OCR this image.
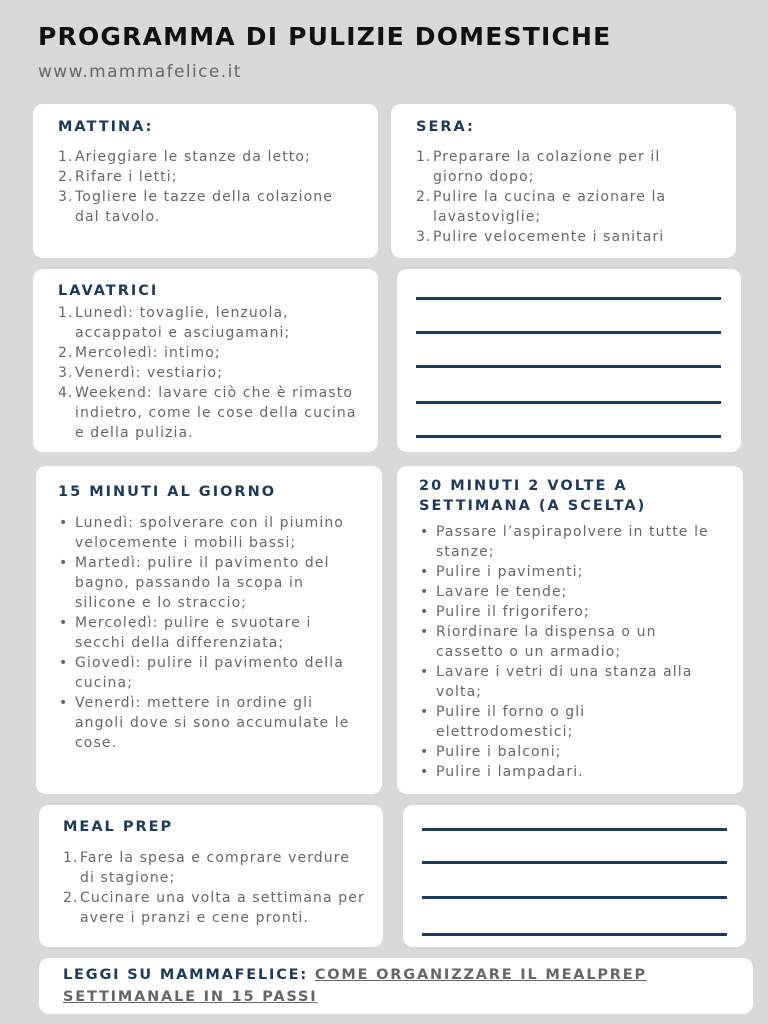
PROGRAMMA DI PULIZIE DOMESTICHE
www.mammafelice.it
MATTINA:
1. Arieggiare le stanze da letto;
2. Rifare i letti;
3. Togliere le tazze della colazione dal tavolo.
SERA:
1. Preparare la colazione per il giorno dopo;
2. Pulire la cucina e azionare la lavastoviglie;
3. Pulire velocemente i sanitari
LAVATRICI
1. Lunedì: tovaglie, lenzuola, accappatoi e asciugamani;
2. Mercoledì: intimo;
3. Venerdì: vestiario;
4. Weekend: lavare ciò che è rimasto indietro, come le cose della cucina e della pulizia.
15 MINUTI AL GIORNO
• Lunedì: spolverare con il piumino velocemente i mobili bassi;
• Martedì: pulire il pavimento del bagno, passando la scopa in silicone e lo straccio;
• Mercoledì: pulire e svuotare i secchi della differenziata;
• Giovedì: pulire il pavimento della cucina;
• Venerdì: mettere in ordine gli angoli dove si sono accumulate le cose.
20 MINUTI 2 VOLTE A SETTIMANA (A SCELTA)
• Passare l’aspirapolvere in tutte le stanze;
• Pulire i pavimenti;
• Lavare le tende;
• Pulire il frigorifero;
• Riordinare la dispensa o un cassetto o un armadio;
• Lavare i vetri di una stanza alla volta;
• Pulire il forno o gli elettrodomestici;
• Pulire i balconi;
• Pulire i lampadari.
MEAL PREP
1. Fare la spesa e comprare verdure di stagione;
2. Cucinare una volta a settimana per avere i pranzi e cene pronti.
LEGGI SU MAMMAFELICE: COME ORGANIZZARE IL MEALPREP SETTIMANALE IN 15 PASSI
